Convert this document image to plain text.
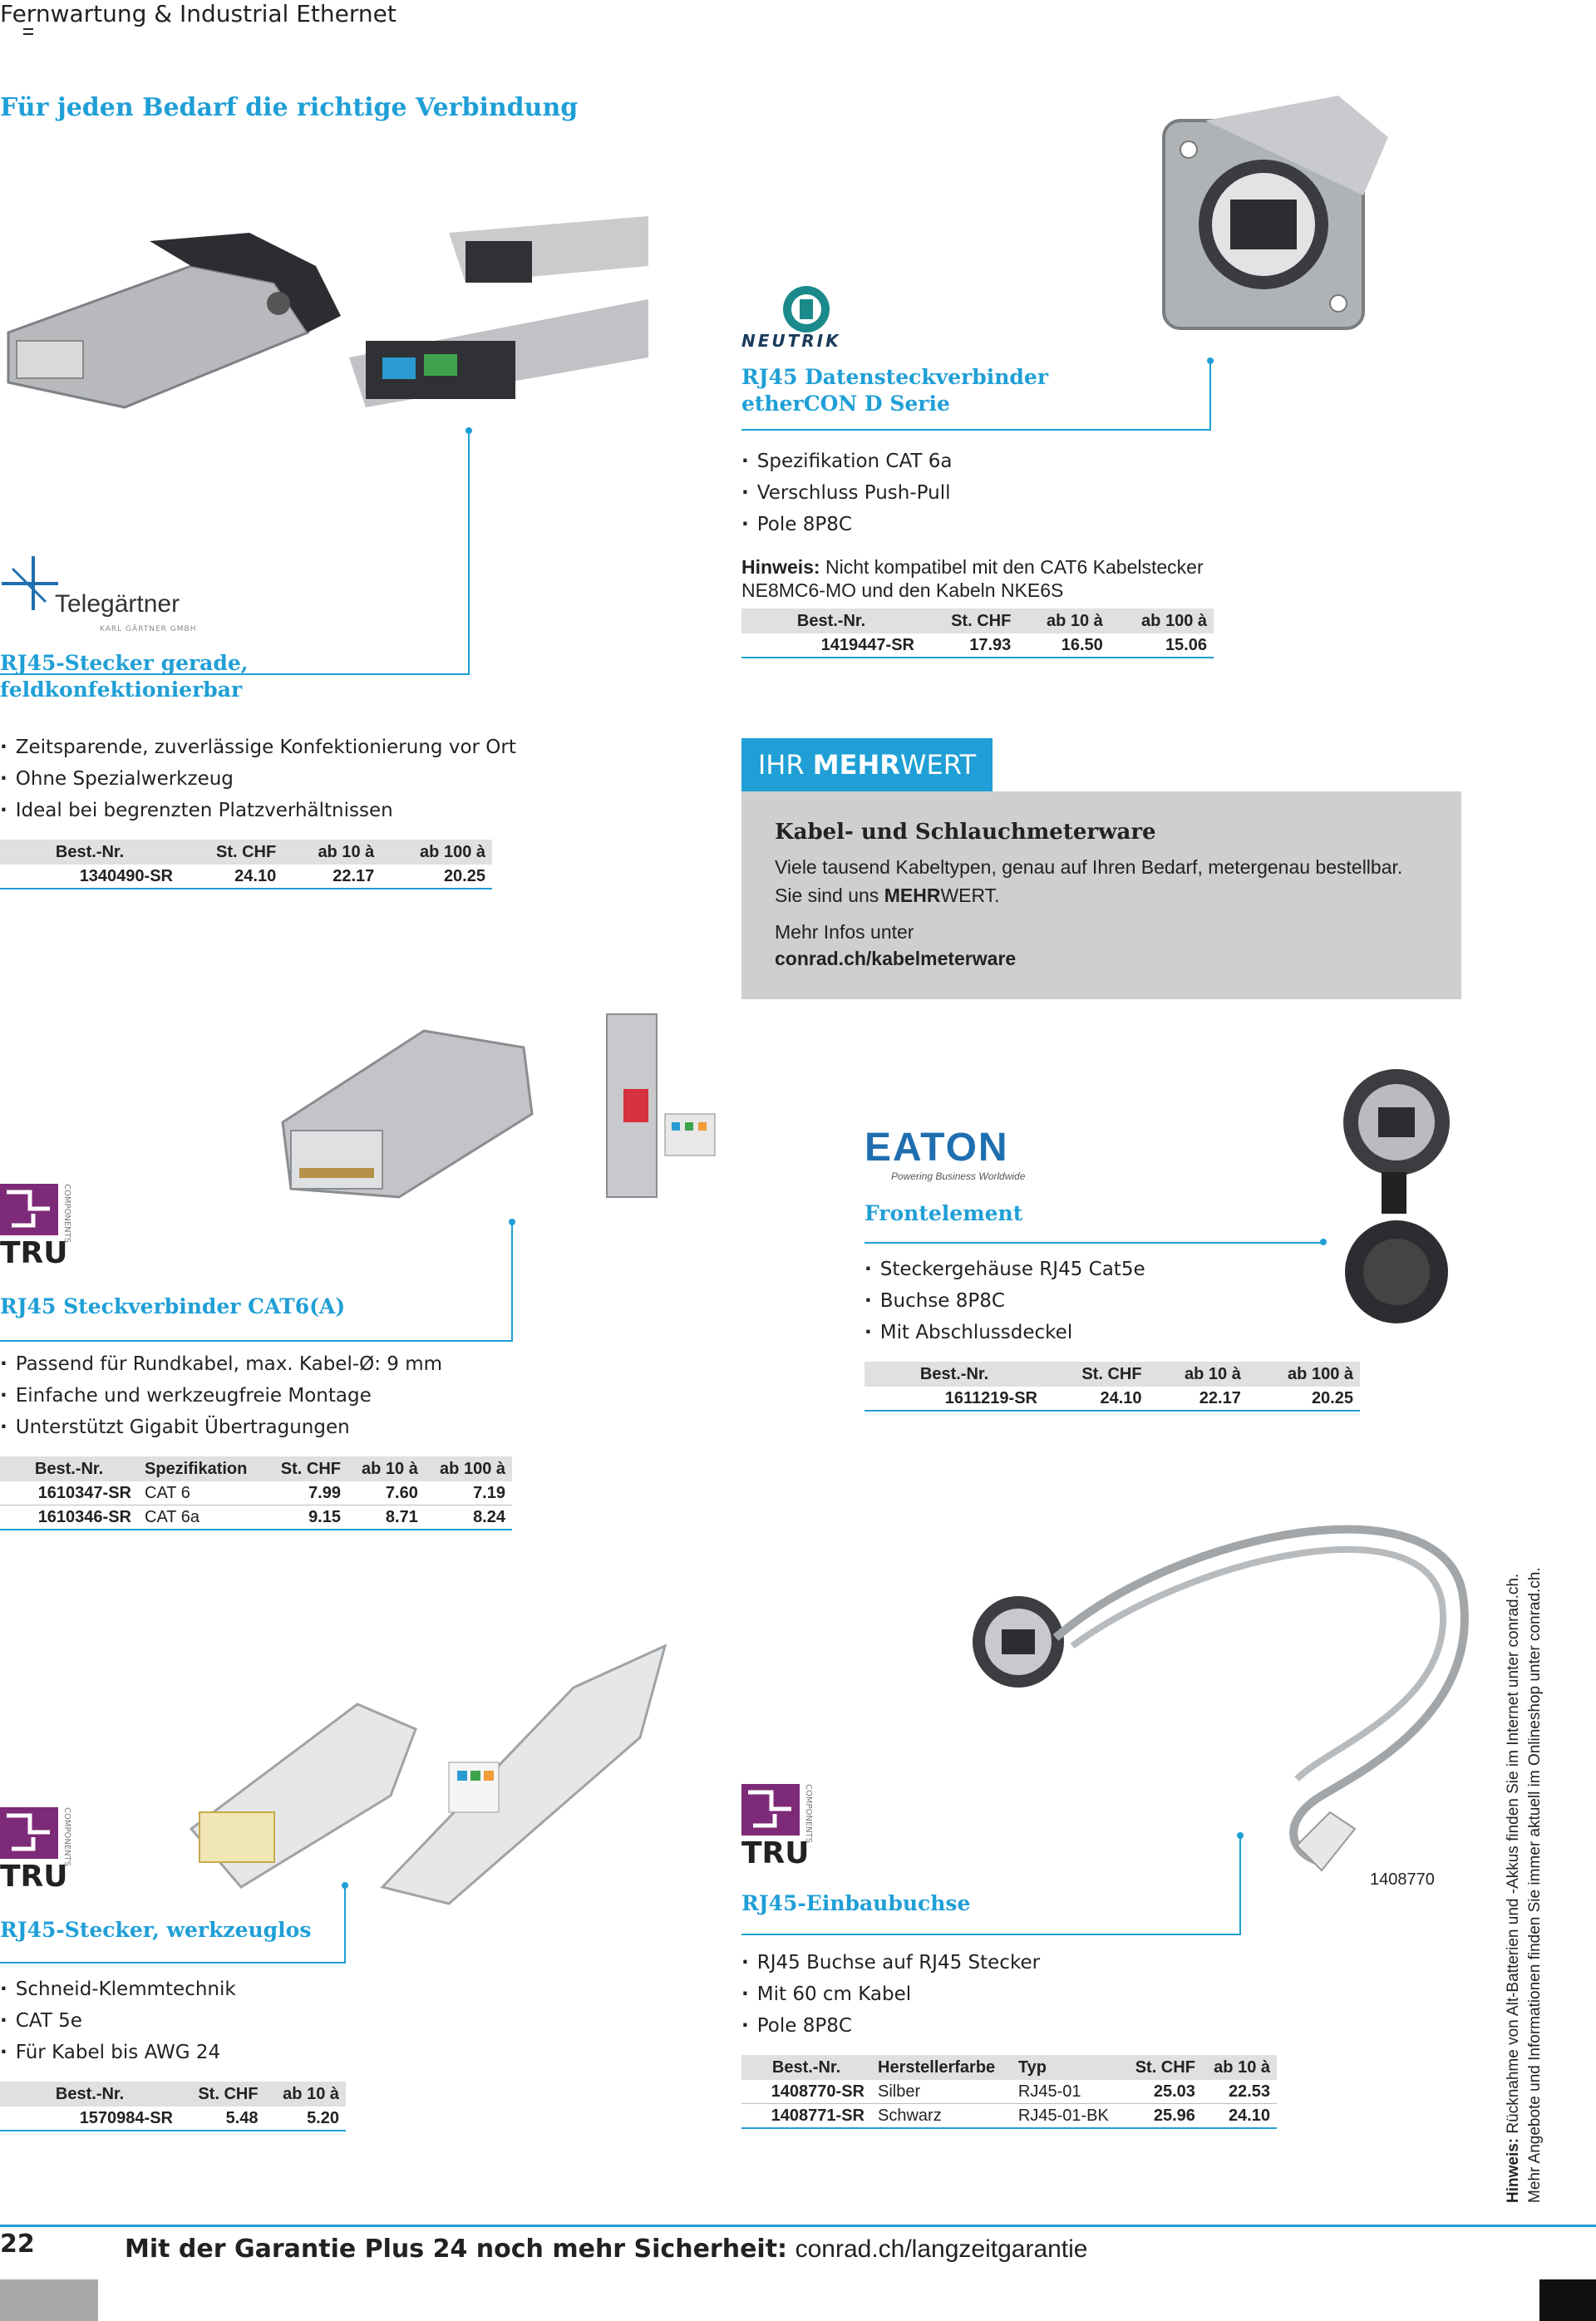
Fernwartung & Industrial Ethernet
Für jeden Bedarf die richtige Verbindung
Telegärtner
KARL GÄRTNER GMBH
RJ45-Stecker gerade,
feldkonfektionierbar
· Zeitsparende, zuverlässige Konfektionierung vor Ort
· Ohne Spezialwerkzeug
· Ideal bei begrenzten Platzverhältnissen
Best.-Nr.	St. CHF	ab 10 à	ab 100 à
1340490-SR	24.10	22.17	20.25
NEUTRIK
RJ45 Datensteckverbinder
etherCON D Serie
· Spezifikation CAT 6a
· Verschluss Push-Pull
· Pole 8P8C
Hinweis: Nicht kompatibel mit den CAT6 Kabelstecker
NE8MC6-MO und den Kabeln NKE6S
Best.-Nr.	St. CHF	ab 10 à	ab 100 à
1419447-SR	17.93	16.50	15.06
IHR MEHRWERT
Kabel- und Schlauchmeterware
Viele tausend Kabeltypen, genau auf Ihren Bedarf, metergenau bestellbar.
Sie sind uns MEHRWERT.
Mehr Infos unter
conrad.ch/kabelmeterware
TRU
COMPONENTS
RJ45 Steckverbinder CAT6(A)
· Passend für Rundkabel, max. Kabel-Ø: 9 mm
· Einfache und werkzeugfreie Montage
· Unterstützt Gigabit Übertragungen
Best.-Nr.	Spezifikation	St. CHF	ab 10 à	ab 100 à
1610347-SR	CAT 6	7.99	7.60	7.19
1610346-SR	CAT 6a	9.15	8.71	8.24
EATON
Powering Business Worldwide
Frontelement
· Steckergehäuse RJ45 Cat5e
· Buchse 8P8C
· Mit Abschlussdeckel
Best.-Nr.	St. CHF	ab 10 à	ab 100 à
1611219-SR	24.10	22.17	20.25
TRU
COMPONENTS
RJ45-Stecker, werkzeuglos
· Schneid-Klemmtechnik
· CAT 5e
· Für Kabel bis AWG 24
Best.-Nr.	St. CHF	ab 10 à
1570984-SR	5.48	5.20
1408770
TRU
COMPONENTS
RJ45-Einbaubuchse
· RJ45 Buchse auf RJ45 Stecker
· Mit 60 cm Kabel
· Pole 8P8C
Best.-Nr.	Herstellerfarbe	Typ	St. CHF	ab 10 à
1408770-SR	Silber	RJ45-01	25.03	22.53
1408771-SR	Schwarz	RJ45-01-BK	25.96	24.10
Hinweis: Rücknahme von Alt-Batterien und -Akkus finden Sie im Internet unter conrad.ch. Mehr Angebote und Informationen finden Sie immer aktuell im Onlineshop unter conrad.ch.
22	Mit der Garantie Plus 24 noch mehr Sicherheit: conrad.ch/langzeitgarantie
